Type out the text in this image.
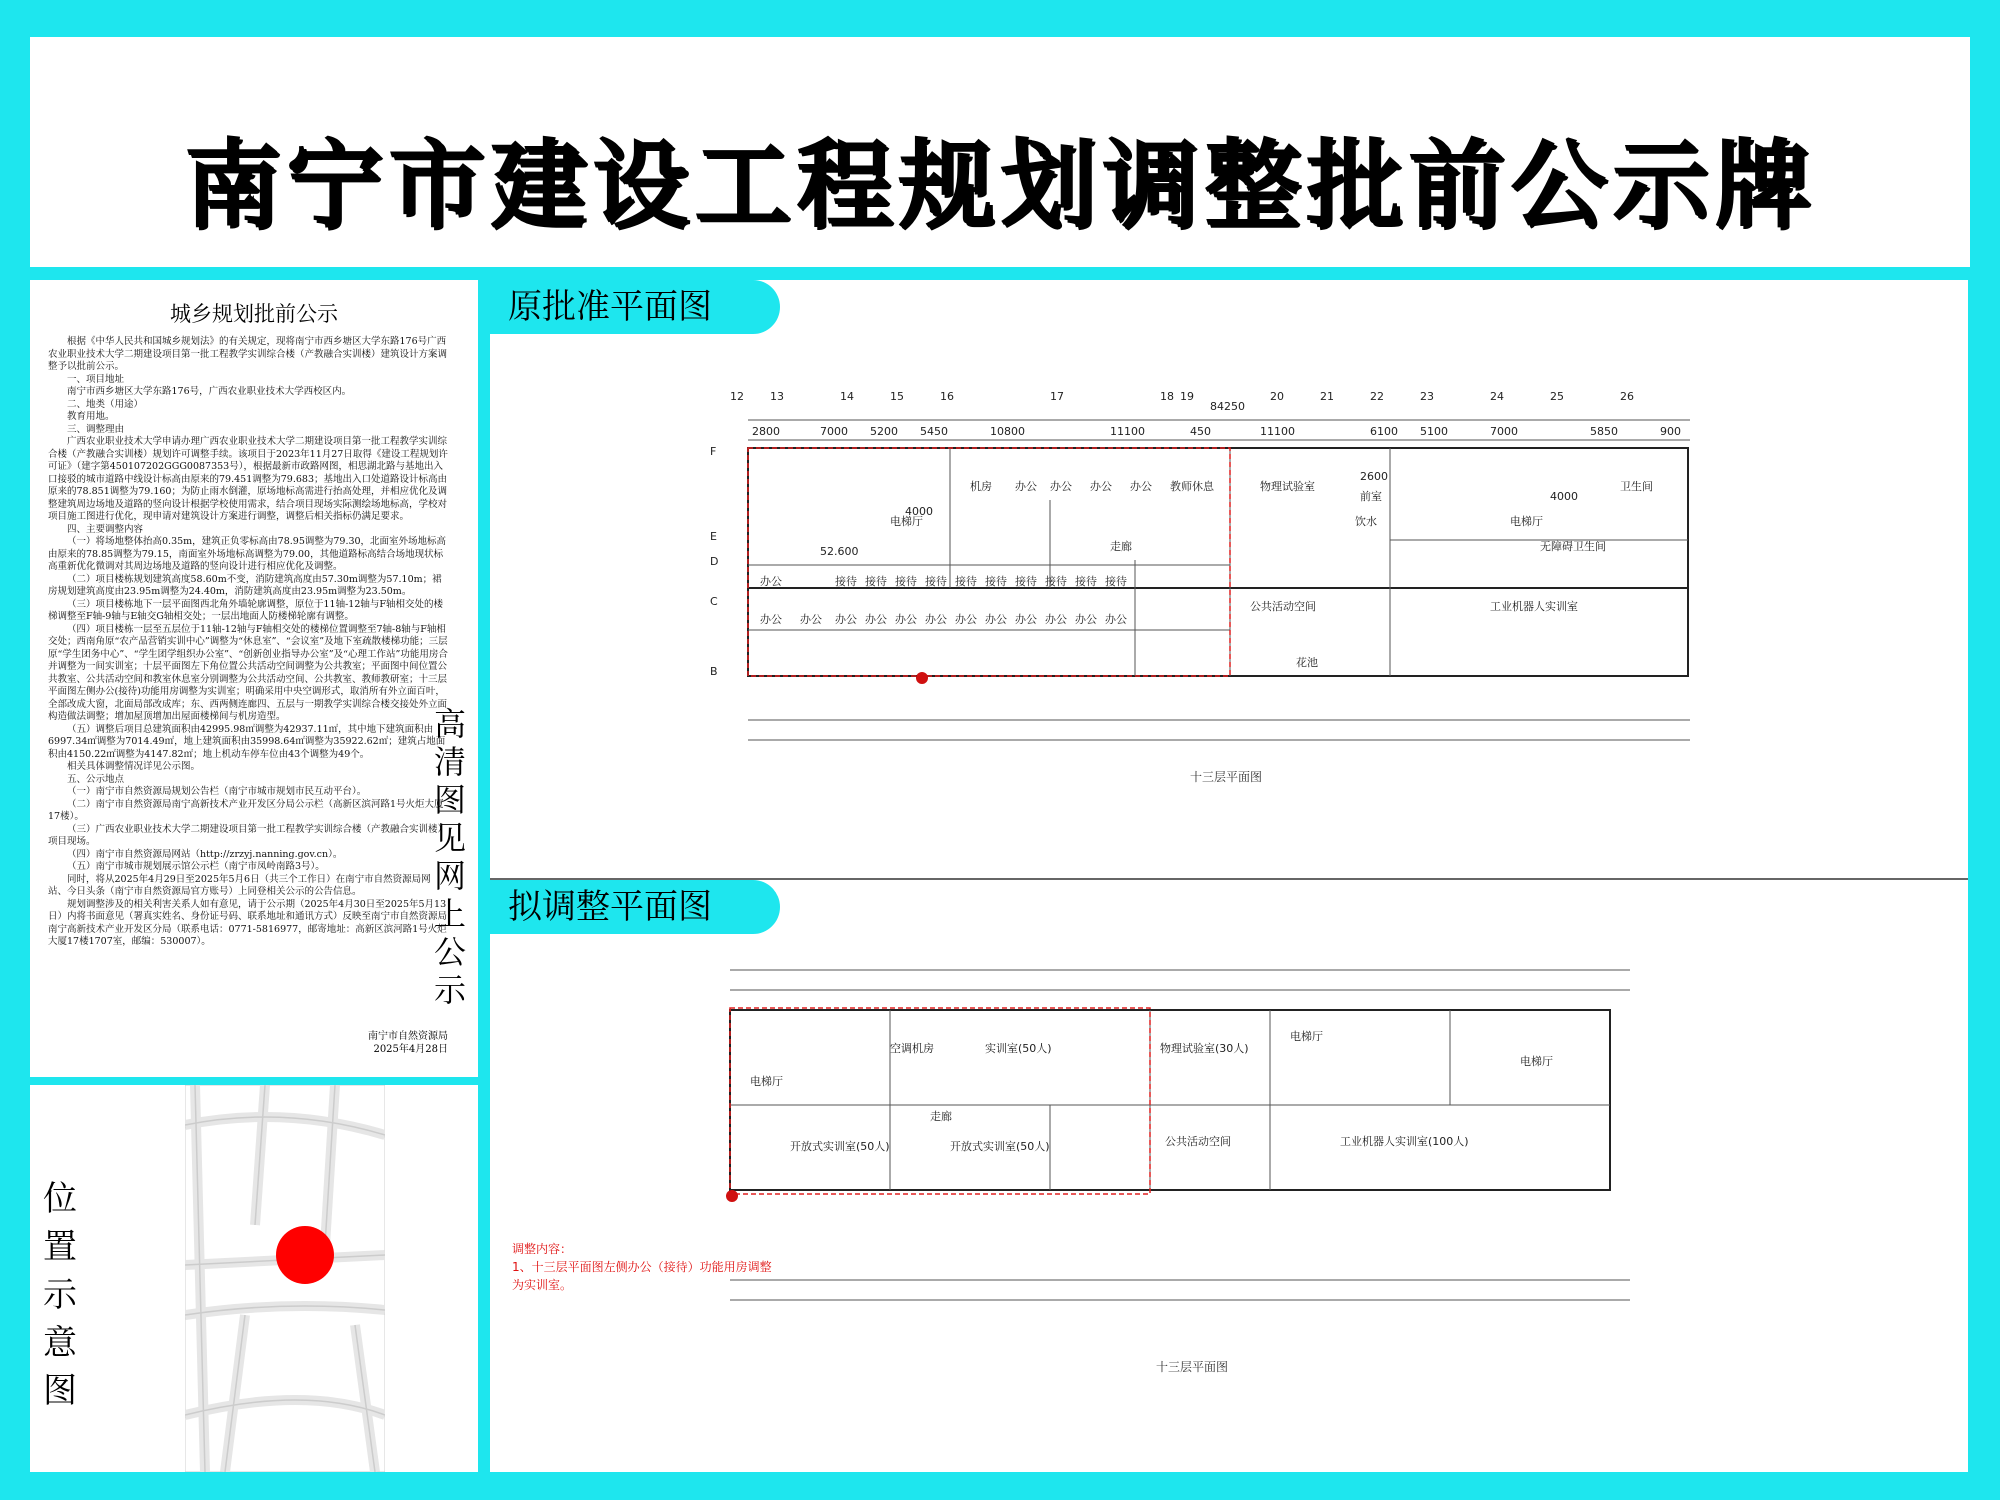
南宁市建设工程规划调整批前公示牌
城乡规划批前公示

根据《中华人民共和国城乡规划法》的有关规定，现将南宁市西乡塘区大学东路176号广西农业职业技术大学二期建设项目第一批工程教学实训综合楼（产教融合实训楼）建筑设计方案调整予以批前公示。

一、项目地址

南宁市西乡塘区大学东路176号，广西农业职业技术大学西校区内。

二、地类（用途）

教育用地。

三、调整理由

广西农业职业技术大学申请办理广西农业职业技术大学二期建设项目第一批工程教学实训综合楼（产教融合实训楼）规划许可调整手续。该项目于2023年11月27日取得《建设工程规划许可证》（建字第450107202GGG0087353号），根据最新市政路网图，相思湖北路与基地出入口接驳的城市道路中线设计标高由原来的79.451调整为79.683；基地出入口处道路设计标高由原来的78.851调整为79.160；为防止雨水倒灌，原场地标高需进行抬高处理，并相应优化及调整建筑周边场地及道路的竖向设计根据学校使用需求，结合项目现场实际测绘场地标高，学校对项目施工图进行优化，现申请对建筑设计方案进行调整，调整后相关指标仍满足要求。

四、主要调整内容

（一）将场地整体抬高0.35m，建筑正负零标高由78.95调整为79.30，北面室外场地标高由原来的78.85调整为79.15，南面室外场地标高调整为79.00，其他道路标高结合场地现状标高重新优化微调对其周边场地及道路的竖向设计进行相应优化及调整。

（二）项目楼栋规划建筑高度58.60m不变，消防建筑高度由57.30m调整为57.10m；裙房规划建筑高度由23.95m调整为24.40m，消防建筑高度由23.95m调整为23.50m。

（三）项目楼栋地下一层平面图西北角外墙轮廓调整，原位于11轴-12轴与F轴相交处的楼梯调整至F轴-9轴与E轴交G轴相交处；一层出地面人防楼梯轮廓有调整。

（四）项目楼栋一层至五层位于11轴-12轴与F轴相交处的楼梯位置调整至7轴-8轴与F轴相交处；西南角原“农产品营销实训中心”调整为“休息室”、“会议室”及地下室疏散楼梯功能；三层原“学生团务中心”、“学生团学组织办公室”、“创新创业指导办公室”及“心理工作站”功能用房合并调整为一间实训室；十层平面图左下角位置公共活动空间调整为公共教室；平面图中间位置公共教室、公共活动空间和教室休息室分别调整为公共活动空间、公共教室、教师教研室；十三层平面图左侧办公(接待)功能用房调整为实训室；明确采用中央空调形式，取消所有外立面百叶，全部改成大窗，北面局部改成库；东、西两侧连廊四、五层与一期教学实训综合楼交接处外立面构造做法调整；增加屋顶增加出屋面楼梯间与机房造型。

（五）调整后项目总建筑面积由42995.98㎡调整为42937.11㎡，其中地下建筑面积由6997.34㎡调整为7014.49㎡，地上建筑面积由35998.64㎡调整为35922.62㎡；建筑占地面积由4150.22㎡调整为4147.82㎡；地上机动车停车位由43个调整为49个。

相关具体调整情况详见公示图。

五、公示地点

（一）南宁市自然资源局规划公告栏（南宁市城市规划市民互动平台）。

（二）南宁市自然资源局南宁高新技术产业开发区分局公示栏（高新区滨河路1号火炬大厦17楼）。

（三）广西农业职业技术大学二期建设项目第一批工程教学实训综合楼（产教融合实训楼）项目现场。

（四）南宁市自然资源局网站（http://zrzyj.nanning.gov.cn）。

（五）南宁市城市规划展示馆公示栏（南宁市凤岭南路3号）。

同时，将从2025年4月29日至2025年5月6日（共三个工作日）在南宁市自然资源局网站、今日头条（南宁市自然资源局官方账号）上同登相关公示的公告信息。

规划调整涉及的相关利害关系人如有意见，请于公示期（2025年4月30日至2025年5月13日）内将书面意见（署真实姓名、身份证号码、联系地址和通讯方式）反映至南宁市自然资源局南宁高新技术产业开发区分局（联系电话：0771-5816977，邮寄地址：高新区滨河路1号火炬大厦17楼1707室，邮编：530007）。

南宁市自然资源局
2025年4月28日
位置示意图
原批准平面图
拟调整平面图
84250
2800	7000 5200 5450	10800	11100	450	11100	6100 5100	7000	5850	900
12 13	14	15	16	17	18 19	20	21	22	23	24	25	26
F
E
D
C
B
机房 办公 办公 办公 办公 教师休息	物理试验室
前室
饮水
卫生间
无障碍卫生间
电梯厅	电梯厅
走廊
公共活动空间	工业机器人实训室
花池
办公
办公
接待 接待 接待 接待 接待 接待 接待 接待 接待 接待
办公 办公 办公 办公 办公 办公 办公 办公 办公 办公 办公
4000
4000
2600
52.600
十三层平面图
空调机房	实训室(50人)	物理试验室(30人)
开放式实训室(50人)	开放式实训室(50人)	公共活动空间	工业机器人实训室(100人)
电梯厅
电梯厅
电梯厅
走廊
十三层平面图
调整内容：
1、十三层平面图左侧办公（接待）功能用房调整为实训室。
高清图见网上公示
